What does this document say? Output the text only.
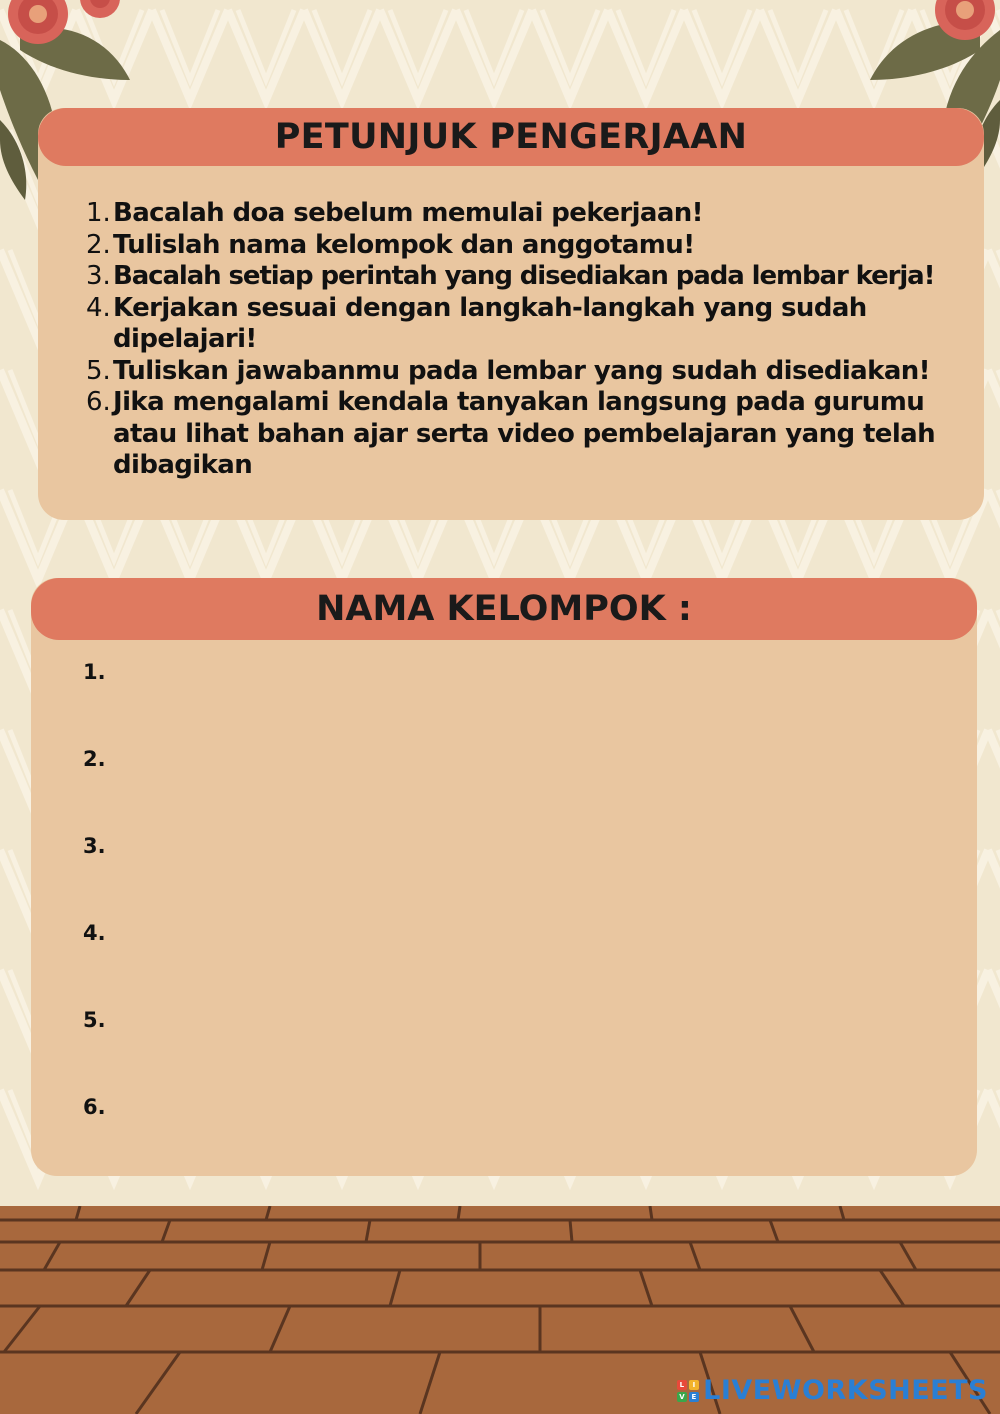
PETUNJUK PENGERJAAN
1. Bacalah doa sebelum memulai pekerjaan!
2. Tulislah nama kelompok dan anggotamu!
3. Bacalah setiap perintah yang disediakan pada lembar kerja!
4. Kerjakan sesuai dengan langkah-langkah yang sudah dipelajari!
5. Tuliskan jawabanmu pada lembar yang sudah disediakan!
6. Jika mengalami kendala tanyakan langsung pada gurumu atau lihat bahan ajar serta video pembelajaran yang telah dibagikan
NAMA KELOMPOK :
1.
2.
3.
4.
5.
6.
L	I
V E LIVEWORKSHEETS
